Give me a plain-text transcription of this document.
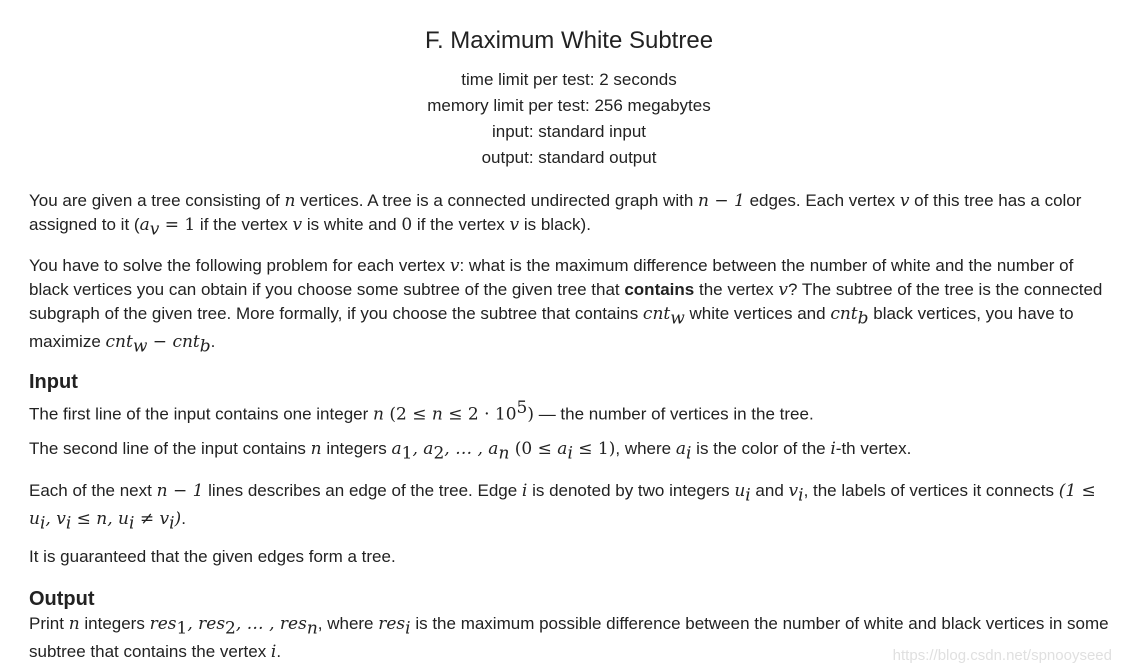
F. Maximum White Subtree
time limit per test: 2 seconds
memory limit per test: 256 megabytes
input: standard input
output: standard output
You are given a tree consisting of n vertices. A tree is a connected undirected graph with n − 1 edges. Each vertex v of this tree has a color assigned to it ($a_v = 1$ if the vertex v is white and 0 if the vertex v is black).
You have to solve the following problem for each vertex v: what is the maximum difference between the number of white and the number of black vertices you can obtain if you choose some subtree of the given tree that contains the vertex v? The subtree of the tree is the connected subgraph of the given tree. More formally, if you choose the subtree that contains cnt$_w$ white vertices and cnt$_b$ black vertices, you have to maximize cnt$_w$ − cnt$_b$.
Input
The first line of the input contains one integer n $(2 \le n \le 2 \cdot 10^5)$ — the number of vertices in the tree.
The second line of the input contains n integers $a_1$, $a_2$, … , $a_n$ $(0 \le a_i \le 1)$, where $a_i$ is the color of the i-th vertex.
Each of the next n − 1 lines describes an edge of the tree. Edge i is denoted by two integers $u_i$ and $v_i$, the labels of vertices it connects ($1 \le u_i$, $v_i \le n$, $u_i \ne v_i$).
It is guaranteed that the given edges form a tree.
Output
Print n integers res$_1$, res$_2$, … , res$_n$, where res$_i$ is the maximum possible difference between the number of white and black vertices in some subtree that contains the vertex i.	https://blog.csdn.net/spnooyseed
